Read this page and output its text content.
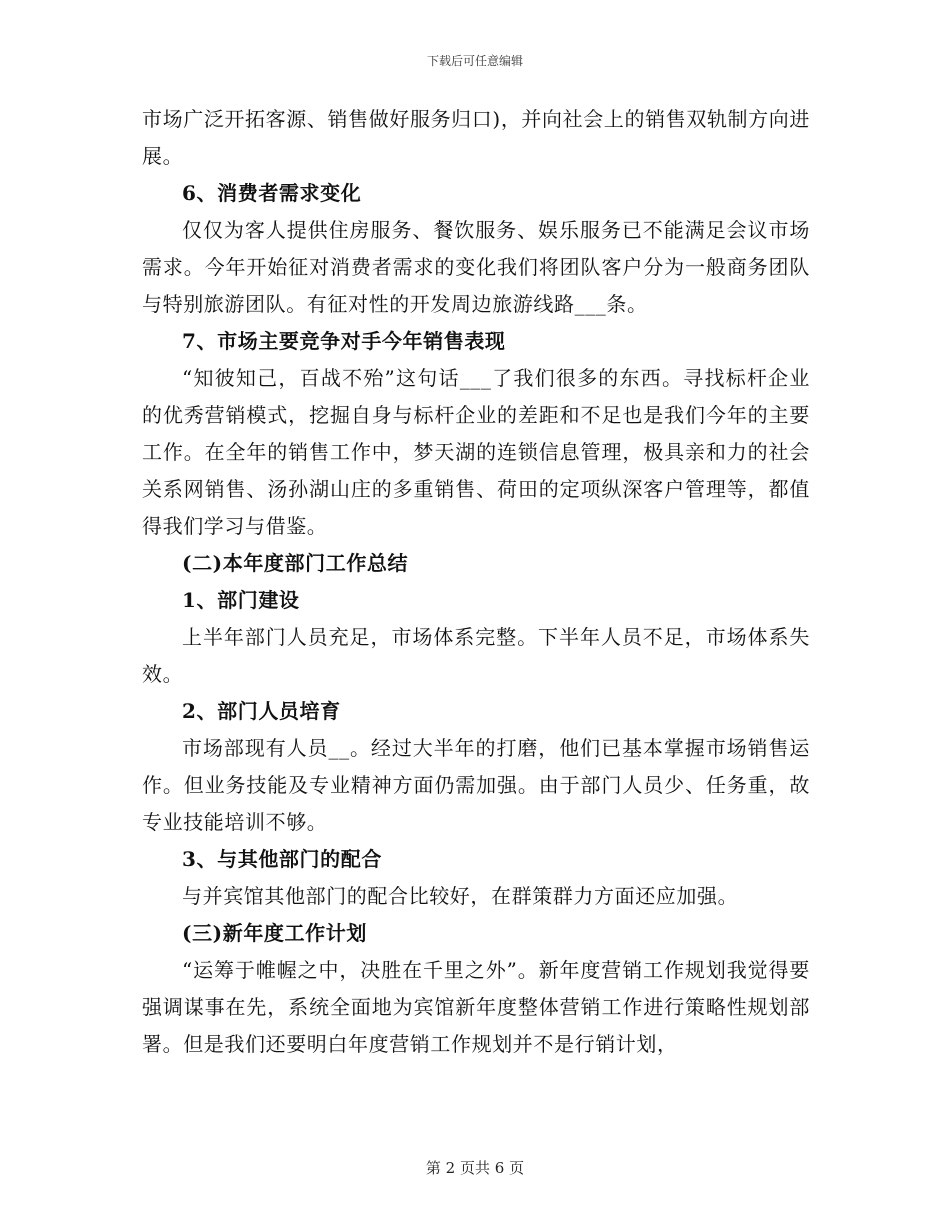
下载后可任意编辑

市场广泛开拓客源、销售做好服务归口)，并向社会上的销售双轨制方向进展。

6、消费者需求变化

仅仅为客人提供住房服务、餐饮服务、娱乐服务已不能满足会议市场需求。今年开始征对消费者需求的变化我们将团队客户分为一般商务团队与特别旅游团队。有征对性的开发周边旅游线路___条。

7、市场主要竞争对手今年销售表现

“知彼知己，百战不殆”这句话___了我们很多的东西。寻找标杆企业的优秀营销模式，挖掘自身与标杆企业的差距和不足也是我们今年的主要工作。在全年的销售工作中，梦天湖的连锁信息管理，极具亲和力的社会关系网销售、汤孙湖山庄的多重销售、荷田的定项纵深客户管理等，都值得我们学习与借鉴。

(二)本年度部门工作总结

1、部门建设

上半年部门人员充足，市场体系完整。下半年人员不足，市场体系失效。

2、部门人员培育

市场部现有人员__。经过大半年的打磨，他们已基本掌握市场销售运作。但业务技能及专业精神方面仍需加强。由于部门人员少、任务重，故专业技能培训不够。

3、与其他部门的配合

与并宾馆其他部门的配合比较好，在群策群力方面还应加强。

(三)新年度工作计划

“运筹于帷幄之中，决胜在千里之外”。新年度营销工作规划我觉得要强调谋事在先，系统全面地为宾馆新年度整体营销工作进行策略性规划部署。但是我们还要明白年度营销工作规划并不是行销计划，

第 2 页共 6 页
